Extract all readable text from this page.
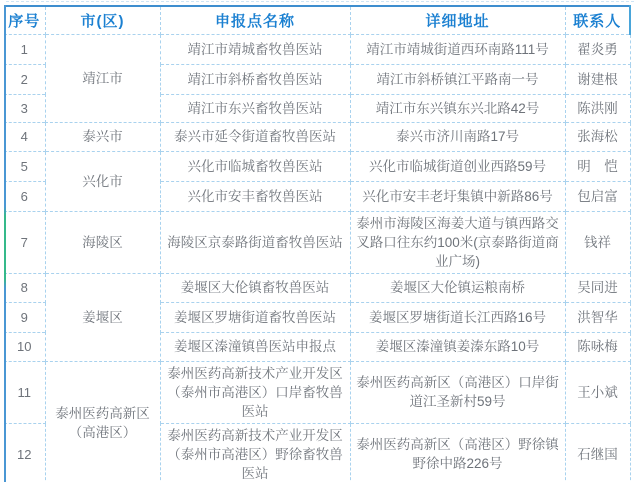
序号	市(区)	申报点名称	详细地址	联系人
1	靖江市	靖江市靖城畜牧兽医站	靖江市靖城街道西环南路111号	翟炎勇
2		靖江市斜桥畜牧兽医站	靖江市斜桥镇江平路南一号	谢建根
3		靖江市东兴畜牧兽医站	靖江市东兴镇东兴北路42号	陈洪刚
4	泰兴市	泰兴市延令街道畜牧兽医站	泰兴市济川南路17号	张海松
5	兴化市	兴化市临城畜牧兽医站	兴化市临城街道创业西路59号	明　恺
6		兴化市安丰畜牧兽医站	兴化市安丰老圩集镇中新路86号	包启富
7	海陵区	海陵区京泰路街道畜牧兽医站	泰州市海陵区海姜大道与镇西路交叉路口往东约100米(京泰路街道商业广场)	钱祥
8	姜堰区	姜堰区大伦镇畜牧兽医站	姜堰区大伦镇运粮南桥	吴同进
9		姜堰区罗塘街道畜牧兽医站	姜堰区罗塘街道长江西路16号	洪智华
10		姜堰区溱潼镇兽医站申报点	姜堰区溱潼镇姜溱东路10号	陈咏梅
11	泰州医药高新区（高港区）	泰州医药高新技术产业开发区（泰州市高港区）口岸畜牧兽医站	泰州医药高新区（高港区）口岸街道江圣新村59号	王小斌
12		泰州医药高新技术产业开发区（泰州市高港区）野徐畜牧兽医站	泰州医药高新区（高港区）野徐镇野徐中路226号	石继国
